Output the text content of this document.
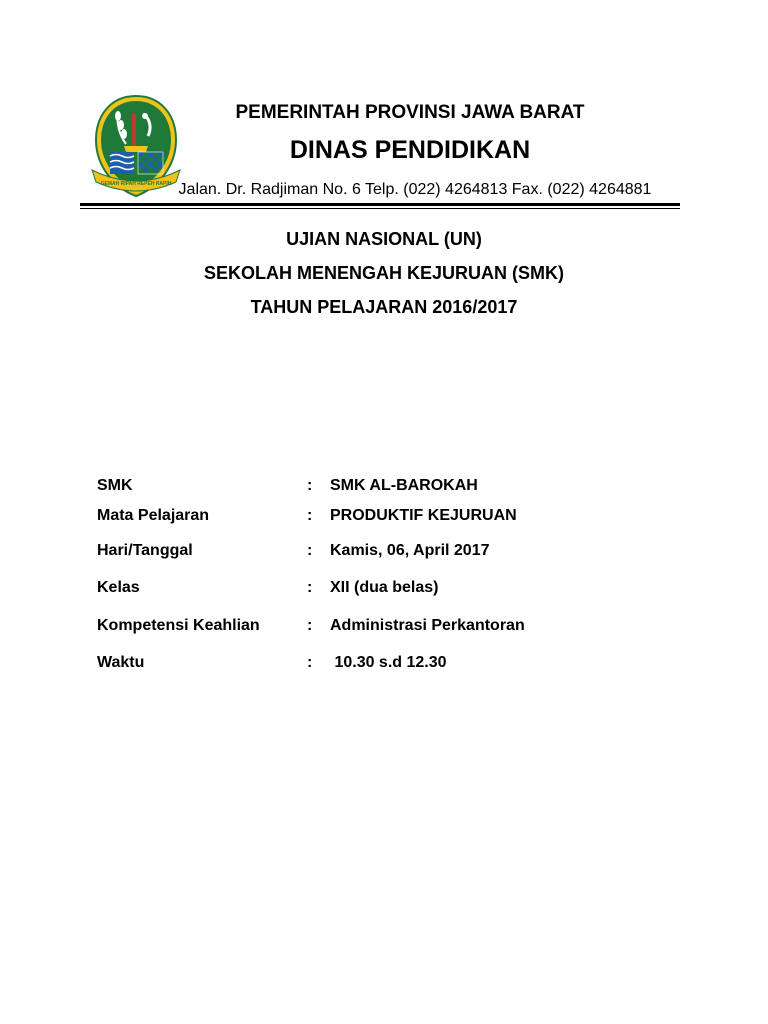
GEMAH RIPAH REPEH RAPIH
PEMERINTAH PROVINSI JAWA BARAT
DINAS PENDIDIKAN
Jalan. Dr. Radjiman No. 6 Telp. (022) 4264813 Fax. (022) 4264881
UJIAN NASIONAL (UN)
SEKOLAH MENENGAH KEJURUAN (SMK)
TAHUN PELAJARAN 2016/2017
SMK	: SMK AL-BAROKAH
Mata Pelajaran	: PRODUKTIF KEJURUAN
Hari/Tanggal	: Kamis, 06, April 2017
Kelas	: XII (dua belas)
Kompetensi Keahlian	: Administrasi Perkantoran
Waktu	: 10.30 s.d 12.30
